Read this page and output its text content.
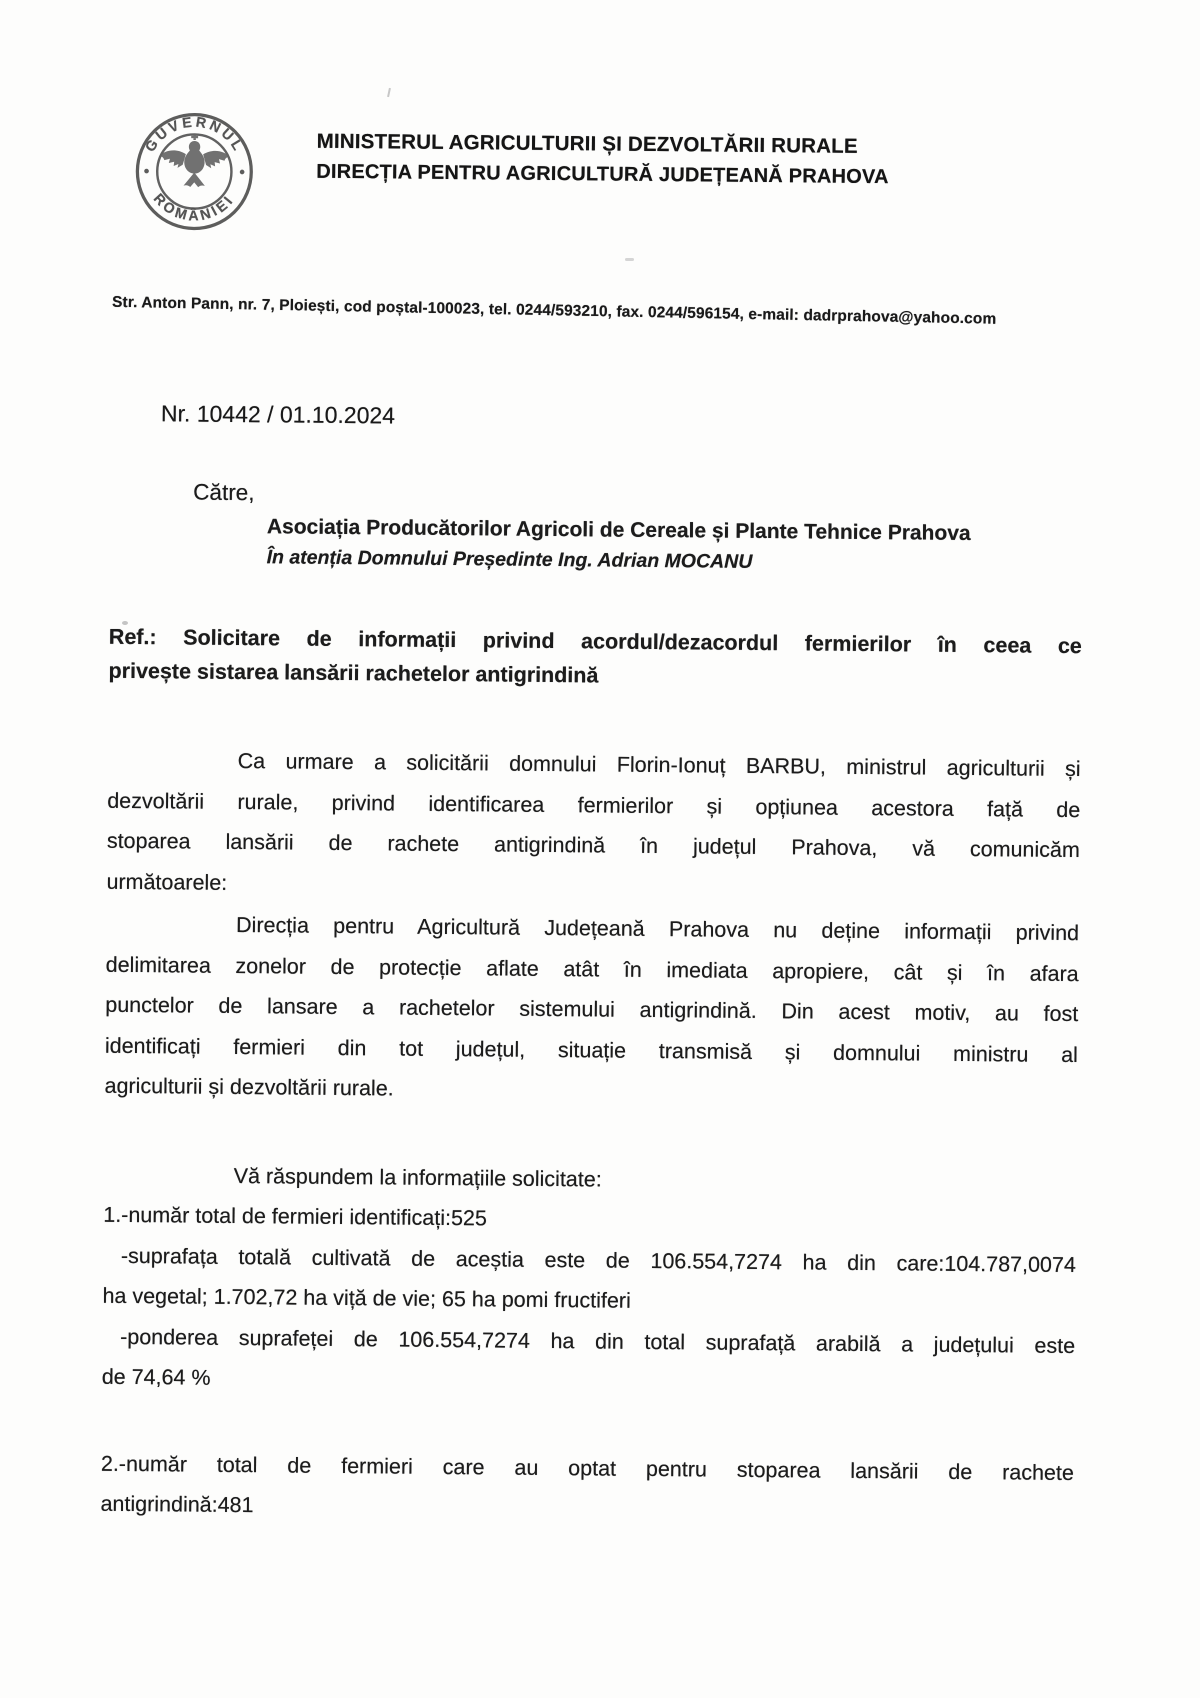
GUVERNUL
ROMÂNIEI
MINISTERUL AGRICULTURII ȘI DEZVOLTĂRII RURALE
DIRECȚIA PENTRU AGRICULTURĂ JUDEȚEANĂ PRAHOVA
Str. Anton Pann, nr. 7, Ploiești, cod poștal-100023, tel. 0244/593210, fax. 0244/596154, e-mail: dadrprahova@yahoo.com
Nr. 10442 / 01.10.2024
Către,
Asociația Producătorilor Agricoli de Cereale și Plante Tehnice Prahova
În atenția Domnului Președinte Ing. Adrian MOCANU
Ref.: Solicitare de informații privind acordul/dezacordul fermierilor în ceea ce
privește sistarea lansării rachetelor antigrindină
Ca urmare a solicitării domnului Florin-Ionuț BARBU, ministrul agriculturii și
dezvoltării rurale, privind identificarea fermierilor și opțiunea acestora față de
stoparea lansării de rachete antigrindină în județul Prahova, vă comunicăm
următoarele:
Direcția pentru Agricultură Județeană Prahova nu deține informații privind
delimitarea zonelor de protecție aflate atât în imediata apropiere, cât și în afara
punctelor de lansare a rachetelor sistemului antigrindină. Din acest motiv, au fost
identificați fermieri din tot județul, situație transmisă și domnului ministru al
agriculturii și dezvoltării rurale.
Vă răspundem la informațiile solicitate:
1.-număr total de fermieri identificați:525
-suprafața totală cultivată de aceștia este de 106.554,7274 ha din care:104.787,0074
ha vegetal; 1.702,72 ha viță de vie; 65 ha pomi fructiferi
-ponderea suprafeței de 106.554,7274 ha din total suprafață arabilă a județului este
de 74,64 %
2.-număr total de fermieri care au optat pentru stoparea lansării de rachete
antigrindină:481
